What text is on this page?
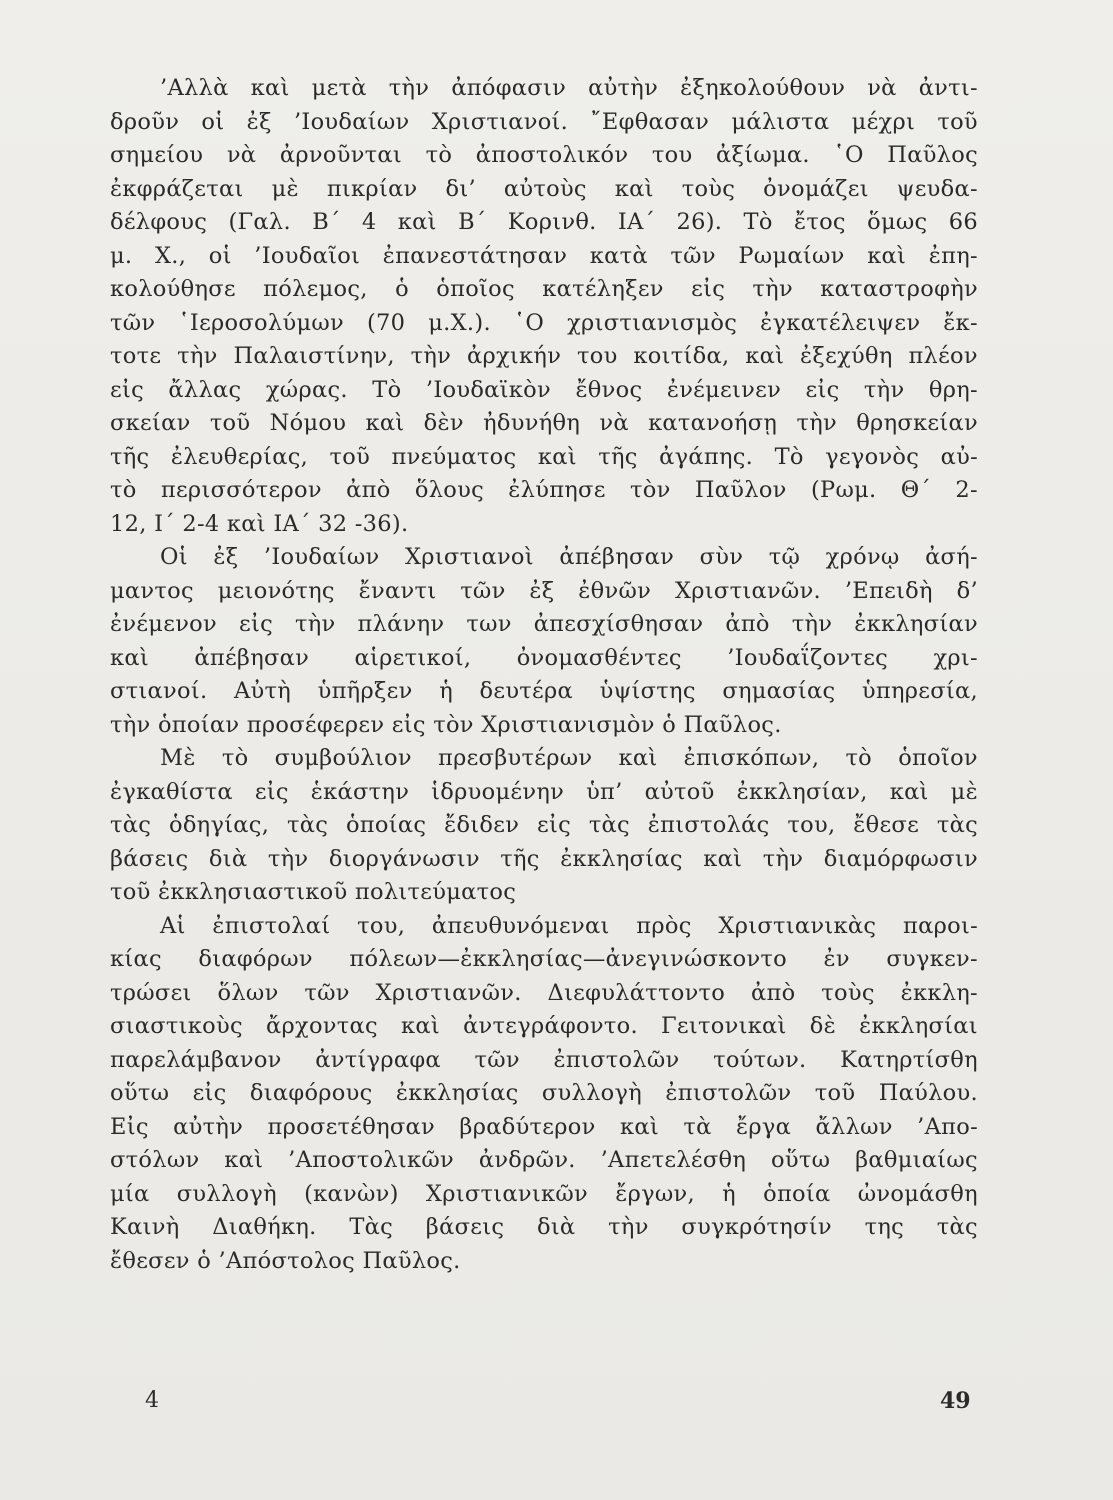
’Αλλὰ καὶ μετὰ τὴν ἀπόφασιν αὐτὴν ἐξηκολούθουν νὰ ἀντι-
δροῦν οἱ ἐξ ’Ιουδαίων Χριστιανοί. ῎Εφθασαν μάλιστα μέχρι τοῦ
σημείου νὰ ἀρνοῦνται τὸ ἀποστολικόν του ἀξίωμα. ῾Ο Παῦλος
ἐκφράζεται μὲ πικρίαν δι’ αὐτοὺς καὶ τοὺς ὀνομάζει ψευδα-
δέλφους (Γαλ. Β΄ 4 καὶ Β΄ Κορινθ. ΙΑ΄ 26). Τὸ ἔτος ὅμως 66
μ. Χ., οἱ ’Ιουδαῖοι ἐπανεστάτησαν κατὰ τῶν Ρωμαίων καὶ ἐπη-
κολούθησε πόλεμος, ὁ ὁποῖος κατέληξεν εἰς τὴν καταστροφὴν
τῶν ῾Ιεροσολύμων (70 μ.Χ.). ῾Ο χριστιανισμὸς ἐγκατέλειψεν ἔκ-
τοτε τὴν Παλαιστίνην, τὴν ἀρχικήν του κοιτίδα, καὶ ἐξεχύθη πλέον
εἰς ἄλλας χώρας. Τὸ ’Ιουδαϊκὸν ἔθνος ἐνέμεινεν εἰς τὴν θρη-
σκείαν τοῦ Νόμου καὶ δὲν ἠδυνήθη νὰ κατανοήσῃ τὴν θρησκείαν
τῆς ἐλευθερίας, τοῦ πνεύματος καὶ τῆς ἀγάπης. Τὸ γεγονὸς αὐ-
τὸ περισσότερον ἀπὸ ὅλους ἐλύπησε τὸν Παῦλον (Ρωμ. Θ΄ 2-
12, Ι΄ 2-4 καὶ ΙΑ΄ 32 -36).
Οἱ ἐξ ’Ιουδαίων Χριστιανοὶ ἀπέβησαν σὺν τῷ χρόνῳ ἀσή-
μαντος μειονότης ἔναντι τῶν ἐξ ἐθνῶν Χριστιανῶν. ’Επειδὴ δ’
ἐνέμενον εἰς τὴν πλάνην των ἀπεσχίσθησαν ἀπὸ τὴν ἐκκλησίαν
καὶ ἀπέβησαν αἱρετικοί, ὀνομασθέντες ’Ιουδαΐζοντες χρι-
στιανοί. Αὐτὴ ὑπῆρξεν ἡ δευτέρα ὑψίστης σημασίας ὑπηρεσία,
τὴν ὁποίαν προσέφερεν εἰς τὸν Χριστιανισμὸν ὁ Παῦλος.
Μὲ τὸ συμβούλιον πρεσβυτέρων καὶ ἐπισκόπων, τὸ ὁποῖον
ἐγκαθίστα εἰς ἑκάστην ἱδρυομένην ὑπ’ αὐτοῦ ἐκκλησίαν, καὶ μὲ
τὰς ὁδηγίας, τὰς ὁποίας ἔδιδεν εἰς τὰς ἐπιστολάς του, ἔθεσε τὰς
βάσεις διὰ τὴν διοργάνωσιν τῆς ἐκκλησίας καὶ τὴν διαμόρφωσιν
τοῦ ἐκκλησιαστικοῦ πολιτεύματος
Αἱ ἐπιστολαί του, ἀπευθυνόμεναι πρὸς Χριστιανικὰς παροι-
κίας διαφόρων πόλεων—ἐκκλησίας—ἀνεγινώσκοντο ἐν συγκεν-
τρώσει ὅλων τῶν Χριστιανῶν. Διεφυλάττοντο ἀπὸ τοὺς ἐκκλη-
σιαστικοὺς ἄρχοντας καὶ ἀντεγράφοντο. Γειτονικαὶ δὲ ἐκκλησίαι
παρελάμβανον ἀντίγραφα τῶν ἐπιστολῶν τούτων. Κατηρτίσθη
οὕτω εἰς διαφόρους ἐκκλησίας συλλογὴ ἐπιστολῶν τοῦ Παύλου.
Εἰς αὐτὴν προσετέθησαν βραδύτερον καὶ τὰ ἔργα ἄλλων ’Απο-
στόλων καὶ ’Αποστολικῶν ἀνδρῶν. ’Απετελέσθη οὕτω βαθμιαίως
μία συλλογὴ (κανὼν) Χριστιανικῶν ἔργων, ἡ ὁποία ὠνομάσθη
Καινὴ Διαθήκη. Τὰς βάσεις διὰ τὴν συγκρότησίν της τὰς
ἔθεσεν ὁ ’Απόστολος Παῦλος.
4	49
